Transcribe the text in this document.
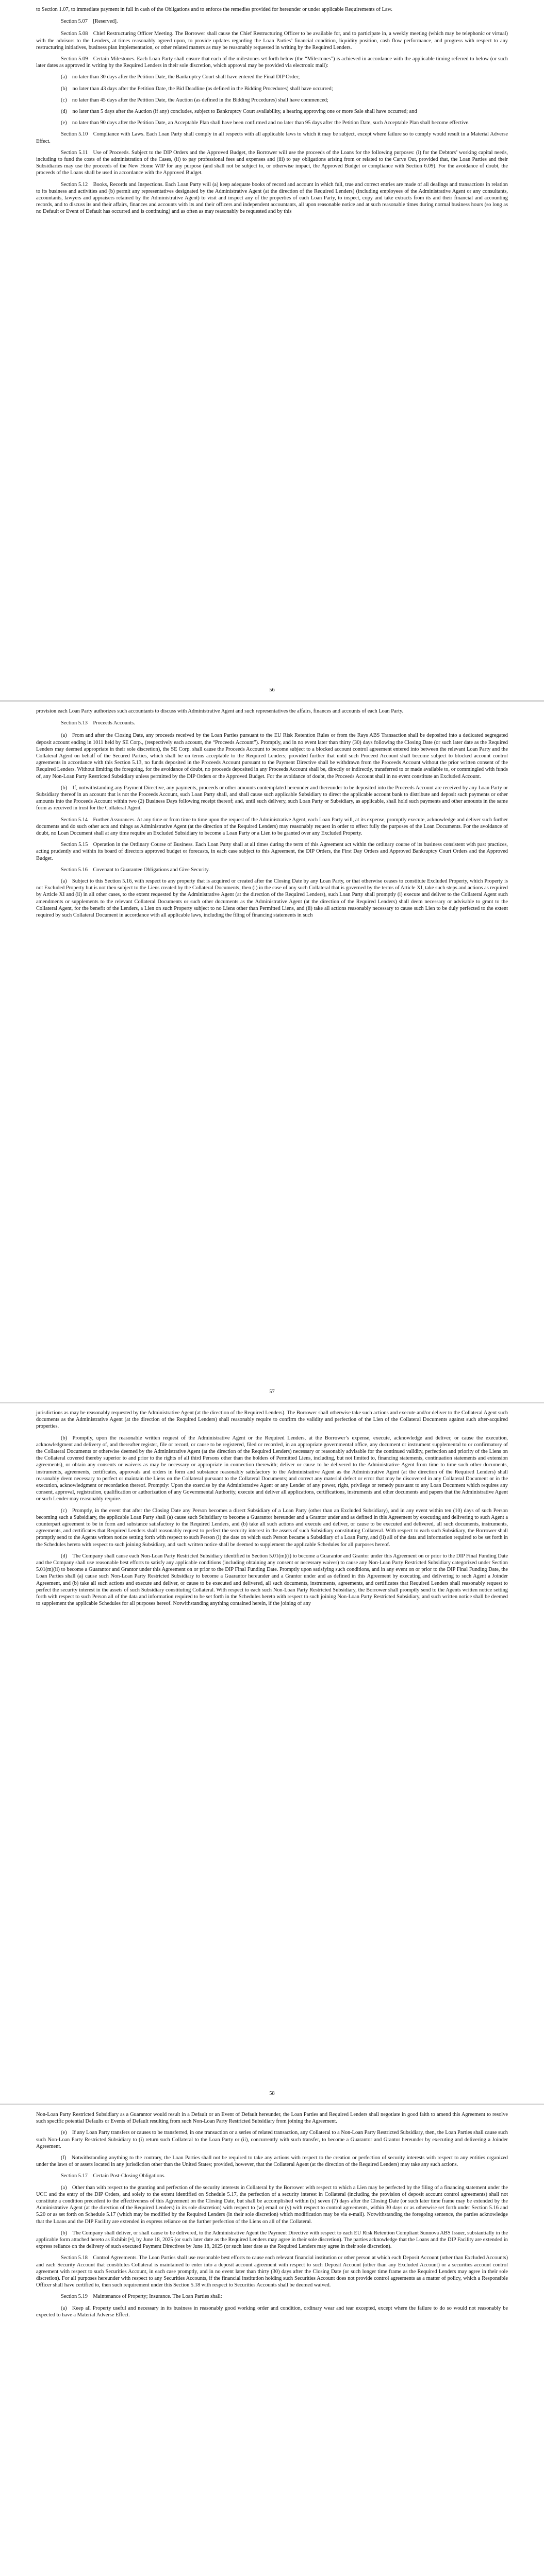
to Section 1.07, to immediate payment in full in cash of the Obligations and to enforce the remedies provided for hereunder or under applicable Requirements of Law.

Section 5.07 [Reserved].

Section 5.08 Chief Restructuring Officer Meeting. The Borrower shall cause the Chief Restructuring Officer to be available for, and to participate in, a weekly meeting (which may be telephonic or virtual) with the advisors to the Lenders, at times reasonably agreed upon, to provide updates regarding the Loan Parties’ financial condition, liquidity position, cash flow performance, and progress with respect to any restructuring initiatives, business plan implementation, or other related matters as may be reasonably requested in writing by the Required Lenders.

Section 5.09 Certain Milestones. Each Loan Party shall ensure that each of the milestones set forth below (the “Milestones”) is achieved in accordance with the applicable timing referred to below (or such later dates as approved in writing by the Required Lenders in their sole discretion, which approval may be provided via electronic mail):

(a) no later than 30 days after the Petition Date, the Bankruptcy Court shall have entered the Final DIP Order;

(b) no later than 43 days after the Petition Date, the Bid Deadline (as defined in the Bidding Procedures) shall have occurred;

(c) no later than 45 days after the Petition Date, the Auction (as defined in the Bidding Procedures) shall have commenced;

(d) no later than 5 days after the Auction (if any) concludes, subject to Bankruptcy Court availability, a hearing approving one or more Sale shall have occurred; and

(e) no later than 90 days after the Petition Date, an Acceptable Plan shall have been confirmed and no later than 95 days after the Petition Date, such Acceptable Plan shall become effective.

Section 5.10 Compliance with Laws. Each Loan Party shall comply in all respects with all applicable laws to which it may be subject, except where failure so to comply would result in a Material Adverse Effect.

Section 5.11 Use of Proceeds. Subject to the DIP Orders and the Approved Budget, the Borrower will use the proceeds of the Loans for the following purposes: (i) for the Debtors’ working capital needs, including to fund the costs of the administration of the Cases, (ii) to pay professional fees and expenses and (iii) to pay obligations arising from or related to the Carve Out, provided that, the Loan Parties and their Subsidiaries may use the proceeds of the New Home WIP for any purpose (and shall not be subject to, or otherwise impact, the Approved Budget or compliance with Section 6.09). For the avoidance of doubt, the proceeds of the Loans shall be used in accordance with the Approved Budget.

Section 5.12 Books, Records and Inspections. Each Loan Party will (a) keep adequate books of record and account in which full, true and correct entries are made of all dealings and transactions in relation to its business and activities and (b) permit any representatives designated by the Administrative Agent (at the direction of the Required Lenders) (including employees of the Administrative Agent or any consultants, accountants, lawyers and appraisers retained by the Administrative Agent) to visit and inspect any of the properties of each Loan Party, to inspect, copy and take extracts from its and their financial and accounting records, and to discuss its and their affairs, finances and accounts with its and their officers and independent accountants, all upon reasonable notice and at such reasonable times during normal business hours (so long as no Default or Event of Default has occurred and is continuing) and as often as may reasonably be requested and by this

56

provision each Loan Party authorizes such accountants to discuss with Administrative Agent and such representatives the affairs, finances and accounts of each Loan Party.

Section 5.13 Proceeds Accounts.

(a) From and after the Closing Date, any proceeds received by the Loan Parties pursuant to the EU Risk Retention Rules or from the Rays ABS Transaction shall be deposited into a dedicated segregated deposit account ending in 1011 held by SE Corp., (respectively each account, the “Proceeds Account”). Promptly, and in no event later than thirty (30) days following the Closing Date (or such later date as the Required Lenders may deemed appropriate in their sole discretion), the SE Corp. shall cause the Proceeds Account to become subject to a blocked account control agreement entered into between the relevant Loan Party and the Collateral Agent on behalf of the Secured Parties, which shall be on terms acceptable to the Required Lenders; provided further that until such Proceed Account shall become subject to blocked account control agreements in accordance with this Section 5.13, no funds deposited in the Proceeds Account pursuant to the Payment Directive shall be withdrawn from the Proceeds Account without the prior written consent of the Required Lenders. Without limiting the foregoing, for the avoidance of doubt, no proceeds deposited in any Proceeds Account shall be, directly or indirectly, transferred to or made available to, or commingled with funds of, any Non-Loan Party Restricted Subsidiary unless permitted by the DIP Orders or the Approved Budget. For the avoidance of doubt, the Proceeds Account shall in no event constitute an Excluded Account.

(b) If, notwithstanding any Payment Directive, any payments, proceeds or other amounts contemplated hereunder and thereunder to be deposited into the Proceeds Account are received by any Loan Party or Subsidiary thereof in an account that is not the Proceeds Account, such Loan Party shall, and shall cause such applicable Subsidiary to direct the applicable account bank to distribute and deposit such payments or other amounts into the Proceeds Account within two (2) Business Days following receipt thereof; and, until such delivery, such Loan Party or Subsidiary, as applicable, shall hold such payments and other amounts in the same form as received in trust for the Collateral Agent.

Section 5.14 Further Assurances. At any time or from time to time upon the request of the Administrative Agent, each Loan Party will, at its expense, promptly execute, acknowledge and deliver such further documents and do such other acts and things as Administrative Agent (at the direction of the Required Lenders) may reasonably request in order to effect fully the purposes of the Loan Documents. For the avoidance of doubt, no Loan Document shall at any time require an Excluded Subsidiary to become a Loan Party or a Lien to be granted over any Excluded Property.

Section 5.15 Operation in the Ordinary Course of Business. Each Loan Party shall at all times during the term of this Agreement act within the ordinary course of its business consistent with past practices, acting prudently and within its board of directors approved budget or forecasts, in each case subject to this Agreement, the DIP Orders, the First Day Orders and Approved Bankruptcy Court Orders and the Approved Budget.

Section 5.16 Covenant to Guarantee Obligations and Give Security.

(a) Subject to this Section 5.16, with respect to any property that is acquired or created after the Closing Date by any Loan Party, or that otherwise ceases to constitute Excluded Property, which Property is not Excluded Property but is not then subject to the Liens created by the Collateral Documents, then (i) in the case of any such Collateral that is governed by the terms of Article XI, take such steps and actions as required by Article XI and (ii) in all other cases, to the extent requested by the Administrative Agent (at the direction of the Required Lenders), such Loan Party shall promptly (i) execute and deliver to the Collateral Agent such amendments or supplements to the relevant Collateral Documents or such other documents as the Administrative Agent (at the direction of the Required Lenders) shall deem necessary or advisable to grant to the Collateral Agent, for the benefit of the Lenders, a Lien on such Property subject to no Liens other than Permitted Liens, and (ii) take all actions reasonably necessary to cause such Lien to be duly perfected to the extent required by such Collateral Document in accordance with all applicable laws, including the filing of financing statements in such

57

jurisdictions as may be reasonably requested by the Administrative Agent (at the direction of the Required Lenders). The Borrower shall otherwise take such actions and execute and/or deliver to the Collateral Agent such documents as the Administrative Agent (at the direction of the Required Lenders) shall reasonably require to confirm the validity and perfection of the Lien of the Collateral Documents against such after-acquired properties.

(b) Promptly, upon the reasonable written request of the Administrative Agent or the Required Lenders, at the Borrower’s expense, execute, acknowledge and deliver, or cause the execution, acknowledgment and delivery of, and thereafter register, file or record, or cause to be registered, filed or recorded, in an appropriate governmental office, any document or instrument supplemental to or confirmatory of the Collateral Documents or otherwise deemed by the Administrative Agent (at the direction of the Required Lenders) necessary or reasonably advisable for the continued validity, perfection and priority of the Liens on the Collateral covered thereby superior to and prior to the rights of all third Persons other than the holders of Permitted Liens, including, but not limited to, financing statements, continuation statements and extension agreements), or obtain any consents or waivers as may be necessary or appropriate in connection therewith; deliver or cause to be delivered to the Administrative Agent from time to time such other documents, instruments, agreements, certificates, approvals and orders in form and substance reasonably satisfactory to the Administrative Agent as the Administrative Agent (at the direction of the Required Lenders) shall reasonably deem necessary to perfect or maintain the Liens on the Collateral pursuant to the Collateral Documents; and correct any material defect or error that may be discovered in any Collateral Document or in the execution, acknowledgment or recordation thereof. Promptly: Upon the exercise by the Administrative Agent or any Lender of any power, right, privilege or remedy pursuant to any Loan Document which requires any consent, approval, registration, qualification or authorization of any Governmental Authority, execute and deliver all applications, certifications, instruments and other documents and papers that the Administrative Agent or such Lender may reasonably require.

(c) Promptly, in the event that after the Closing Date any Person becomes a direct Subsidiary of a Loan Party (other than an Excluded Subsidiary), and in any event within ten (10) days of such Person becoming such a Subsidiary, the applicable Loan Party shall (a) cause such Subsidiary to become a Guarantor hereunder and a Grantor under and as defined in this Agreement by executing and delivering to such Agent a counterpart agreement to be in form and substance satisfactory to the Required Lenders, and (b) take all such actions and execute and deliver, or cause to be executed and delivered, all such documents, instruments, agreements, and certificates that Required Lenders shall reasonably request to perfect the security interest in the assets of such Subsidiary constituting Collateral. With respect to each such Subsidiary, the Borrower shall promptly send to the Agents written notice setting forth with respect to such Person (i) the date on which such Person became a Subsidiary of a Loan Party, and (ii) all of the data and information required to be set forth in the Schedules hereto with respect to such joining Subsidiary, and such written notice shall be deemed to supplement the applicable Schedules for all purposes hereof.

(d) The Company shall cause each Non-Loan Party Restricted Subsidiary identified in Section 5.01(m)(i) to become a Guarantor and Grantor under this Agreement on or prior to the DIP Final Funding Date and the Company shall use reasonable best efforts to satisfy any applicable conditions (including obtaining any consent or necessary waiver) to cause any Non-Loan Party Restricted Subsidiary categorized under Section 5.01(m)(ii) to become a Guarantor and Grantor under this Agreement on or prior to the DIP Final Funding Date. Promptly upon satisfying such conditions, and in any event on or prior to the DIP Final Funding Date, the Loan Parties shall (a) cause such Non-Loan Party Restricted Subsidiary to become a Guarantor hereunder and a Grantor under and as defined in this Agreement by executing and delivering to such Agent a Joinder Agreement, and (b) take all such actions and execute and deliver, or cause to be executed and delivered, all such documents, instruments, agreements, and certificates that Required Lenders shall reasonably request to perfect the security interest in the assets of such Subsidiary constituting Collateral. With respect to each such Non-Loan Party Restricted Subsidiary, the Borrower shall promptly send to the Agents written notice setting forth with respect to such Person all of the data and information required to be set forth in the Schedules hereto with respect to such joining Non-Loan Party Restricted Subsidiary, and such written notice shall be deemed to supplement the applicable Schedules for all purposes hereof. Notwithstanding anything contained herein, if the joining of any

58

Non-Loan Party Restricted Subsidiary as a Guarantor would result in a Default or an Event of Default hereunder, the Loan Parties and Required Lenders shall negotiate in good faith to amend this Agreement to resolve such specific potential Defaults or Events of Default resulting from such Non-Loan Party Restricted Subsidiary from joining the Agreement.

(e) If any Loan Party transfers or causes to be transferred, in one transaction or a series of related transaction, any Collateral to a Non-Loan Party Restricted Subsidiary, then, the Loan Parties shall cause such such Non-Loan Party Restricted Subsidiary to (i) return such Collateral to the Loan Party or (ii), concurrently with such transfer, to become a Guarantor and Grantor hereunder by executing and delivering a Joinder Agreement.

(f) Notwithstanding anything to the contrary, the Loan Parties shall not be required to take any actions with respect to the creation or perfection of security interests with respect to any entities organized under the laws of or assets located in any jurisdiction other than the United States; provided, however, that the Collateral Agent (at the direction of the Required Lenders) may take any such actions.

Section 5.17 Certain Post-Closing Obligations.

(a) Other than with respect to the granting and perfection of the security interests in Collateral by the Borrower with respect to which a Lien may be perfected by the filing of a financing statement under the UCC and the entry of the DIP Orders, and solely to the extent identified on Schedule 5.17, the perfection of a security interest in Collateral (including the provision of deposit account control agreements) shall not constitute a condition precedent to the effectiveness of this Agreement on the Closing Date, but shall be accomplished within (x) seven (7) days after the Closing Date (or such later time frame may be extended by the Administrative Agent (at the direction of the Required Lenders) in its sole discretion) with respect to (w) email or (y) with respect to control agreements, within 30 days or as otherwise set forth under Section 5.16 and 5.20 or as set forth on Schedule 5.17 (which may be modified by the Required Lenders (in their sole discretion) which modification may be via e-mail). Notwithstanding the foregoing sentence, the parties acknowledge that the Loans and the DIP Facility are extended in express reliance on the further perfection of the Liens on all of the Collateral.

(b) The Company shall deliver, or shall cause to be delivered, to the Administrative Agent the Payment Directive with respect to each EU Risk Retention Compliant Sunnova ABS Issuer, substantially in the applicable form attached hereto as Exhibit [•], by June 18, 2025 (or such later date as the Required Lenders may agree in their sole discretion). The parties acknowledge that the Loans and the DIP Facility are extended in express reliance on the delivery of such executed Payment Directives by June 18, 2025 (or such later date as the Required Lenders may agree in their sole discretion).

Section 5.18 Control Agreements. The Loan Parties shall use reasonable best efforts to cause each relevant financial institution or other person at which each Deposit Account (other than Excluded Accounts) and each Security Account that constitutes Collateral is maintained to enter into a deposit account agreement with respect to such Deposit Account (other than any Excluded Account) or a securities account control agreement with respect to such Securities Account, in each case promptly, and in no event later than thirty (30) days after the Closing Date (or such longer time frame as the Required Lenders may agree in their sole discretion). For all purposes hereunder with respect to any Securities Accounts, if the financial institution holding such Securities Account does not provide control agreements as a matter of policy, which a Responsible Officer shall have certified to, then such requirement under this Section 5.18 with respect to Securities Accounts shall be deemed waived.

Section 5.19 Maintenance of Property; Insurance. The Loan Parties shall:

(a) Keep all Property useful and necessary in its business in reasonably good working order and condition, ordinary wear and tear excepted, except where the failure to do so would not reasonably be expected to have a Material Adverse Effect.
